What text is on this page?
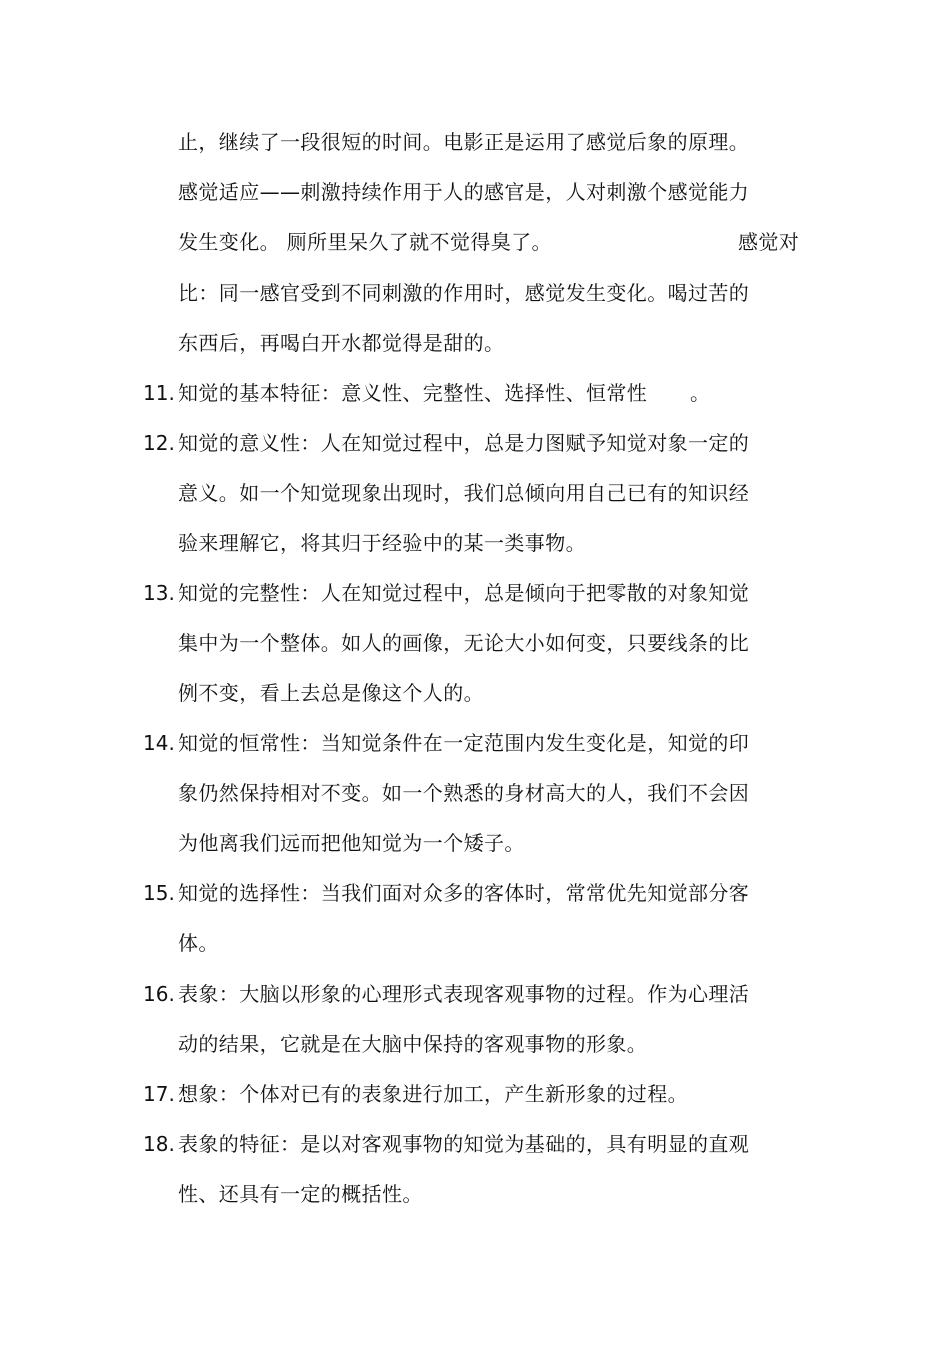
止，继续了一段很短的时间。电影正是运用了感觉后象的原理。
感觉适应——刺激持续作用于人的感官是，人对刺激个感觉能力
发生变化。 厕所里呆久了就不觉得臭了。	感觉对
比：同一感官受到不同刺激的作用时，感觉发生变化。喝过苦的
东西后，再喝白开水都觉得是甜的。
11. 知觉的基本特征：意义性、完整性、选择性、恒常性 。
12. 知觉的意义性：人在知觉过程中，总是力图赋予知觉对象一定的
意义。如一个知觉现象出现时，我们总倾向用自己已有的知识经
验来理解它，将其归于经验中的某一类事物。
13. 知觉的完整性：人在知觉过程中，总是倾向于把零散的对象知觉
集中为一个整体。如人的画像，无论大小如何变，只要线条的比
例不变，看上去总是像这个人的。
14. 知觉的恒常性：当知觉条件在一定范围内发生变化是，知觉的印
象仍然保持相对不变。如一个熟悉的身材高大的人，我们不会因
为他离我们远而把他知觉为一个矮子。
15. 知觉的选择性：当我们面对众多的客体时，常常优先知觉部分客
体。
16. 表象：大脑以形象的心理形式表现客观事物的过程。作为心理活
动的结果，它就是在大脑中保持的客观事物的形象。
17. 想象：个体对已有的表象进行加工，产生新形象的过程。
18. 表象的特征：是以对客观事物的知觉为基础的，具有明显的直观
性、还具有一定的概括性。
